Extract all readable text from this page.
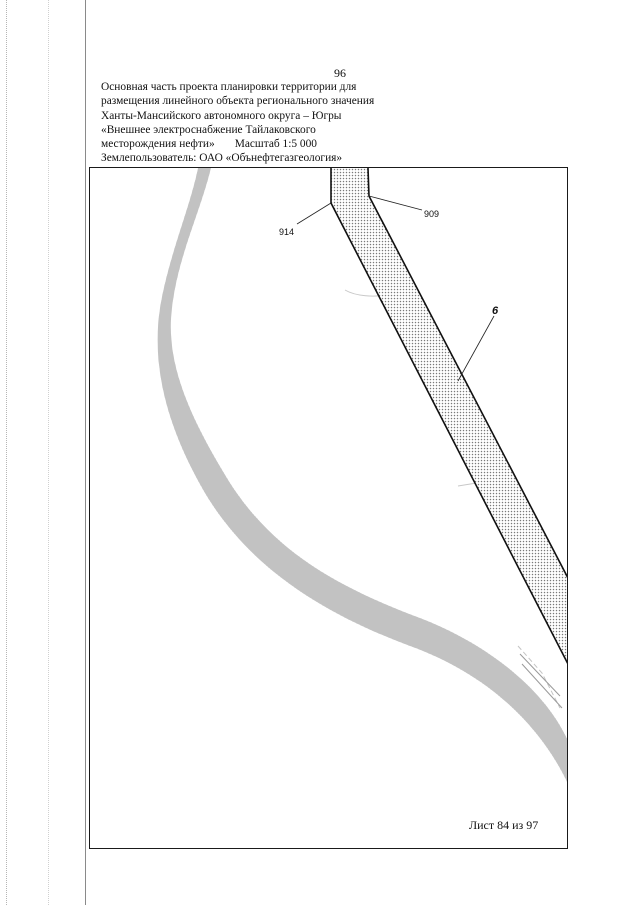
96
Основная часть проекта планировки территории для
размещения линейного объекта регионального значения
Ханты-Мансийского автономного округа – Югры
«Внешнее электроснабжение Тайлаковского
месторождения нефти» Масштаб 1:5 000
Землепользователь: ОАО «Обънефтегазгеология»
914
909
6
Лист 84 из 97
